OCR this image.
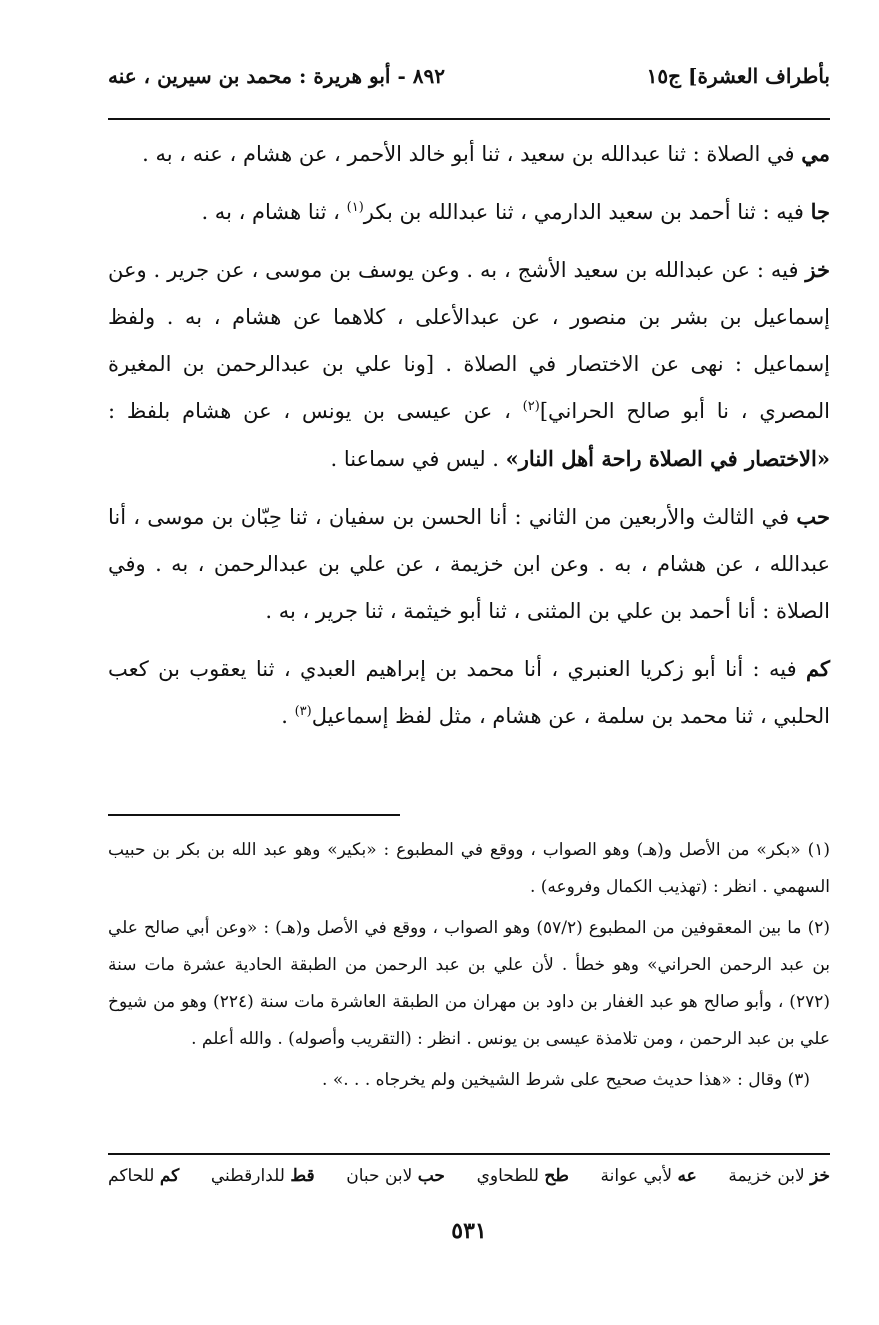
بأطراف العشرة] ج١٥
٨٩٢ - أبو هريرة : محمد بن سيرين ، عنه

مي في الصلاة : ثنا عبدالله بن سعيد ، ثنا أبو خالد الأحمر ، عن هشام ، عنه ، به .

جا فيه : ثنا أحمد بن سعيد الدارمي ، ثنا عبدالله بن بكر$^{(١)}$ ، ثنا هشام ، به .

خز فيه : عن عبدالله بن سعيد الأشج ، به . وعن يوسف بن موسى ، عن جرير . وعن إسماعيل بن بشر بن منصور ، عن عبدالأعلى ، كلاهما عن هشام ، به . ولفظ إسماعيل : نهى عن الاختصار في الصلاة . [ونا علي بن عبدالرحمن بن المغيرة المصري ، نا أبو صالح الحراني]$^{(٢)}$ ، عن عيسى بن يونس ، عن هشام بلفظ : «الاختصار في الصلاة راحة أهل النار» . ليس في سماعنا .

حب في الثالث والأربعين من الثاني : أنا الحسن بن سفيان ، ثنا حِبّان بن موسى ، أنا عبدالله ، عن هشام ، به . وعن ابن خزيمة ، عن علي بن عبدالرحمن ، به . وفي الصلاة : أنا أحمد بن علي بن المثنى ، ثنا أبو خيثمة ، ثنا جرير ، به .

كم فيه : أنا أبو زكريا العنبري ، أنا محمد بن إبراهيم العبدي ، ثنا يعقوب بن كعب الحلبي ، ثنا محمد بن سلمة ، عن هشام ، مثل لفظ إسماعيل$^{(٣)}$ .

(١) «بكر» من الأصل و(هـ) وهو الصواب ، ووقع في المطبوع : «بكير» وهو عبد الله بن بكر بن حبيب السهمي . انظر : (تهذيب الكمال وفروعه) .

(٢) ما بين المعقوفين من المطبوع (٥٧/٢) وهو الصواب ، ووقع في الأصل و(هـ) : «وعن أبي صالح علي بن عبد الرحمن الحراني» وهو خطأ . لأن علي بن عبد الرحمن من الطبقة الحادية عشرة مات سنة (٢٧٢) ، وأبو صالح هو عبد الغفار بن داود بن مهران من الطبقة العاشرة مات سنة (٢٢٤) وهو من شيوخ علي بن عبد الرحمن ، ومن تلامذة عيسى بن يونس . انظر : (التقريب وأصوله) . والله أعلم .

(٣) وقال : «هذا حديث صحيح على شرط الشيخين ولم يخرجاه . . .» .

خز لابن خزيمة
عه لأبي عوانة
طح للطحاوي
حب لابن حبان
قط للدارقطني
كم للحاكم
٥٣١
